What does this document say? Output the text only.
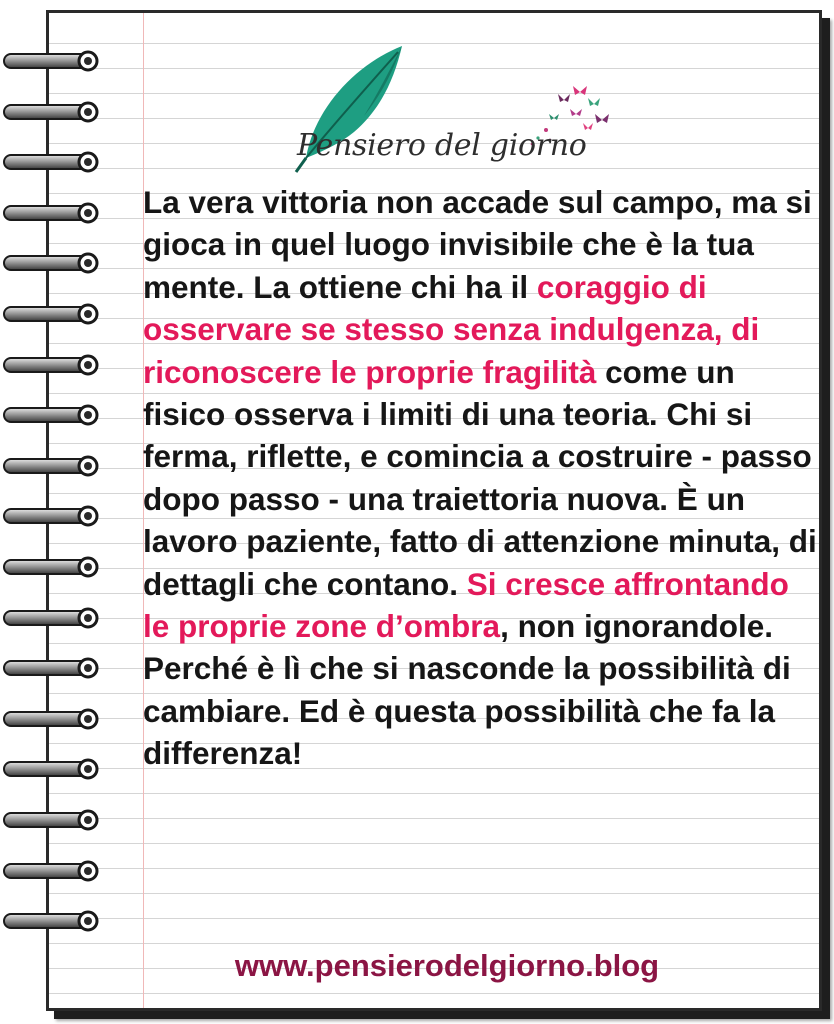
Pensiero del giorno

La vera vittoria non accade sul campo, ma si gioca in quel luogo invisibile che è la tua mente. La ottiene chi ha il coraggio di osservare se stesso senza indulgenza, di riconoscere le proprie fragilità come un fisico osserva i limiti di una teoria. Chi si ferma, riflette, e comincia a costruire - passo dopo passo - una traiettoria nuova. È un lavoro paziente, fatto di attenzione minuta, di dettagli che contano. Si cresce affrontando le proprie zone d’ombra, non ignorandole. Perché è lì che si nasconde la possibilità di cambiare. Ed è questa possibilità che fa la differenza!

www.pensierodelgiorno.blog
